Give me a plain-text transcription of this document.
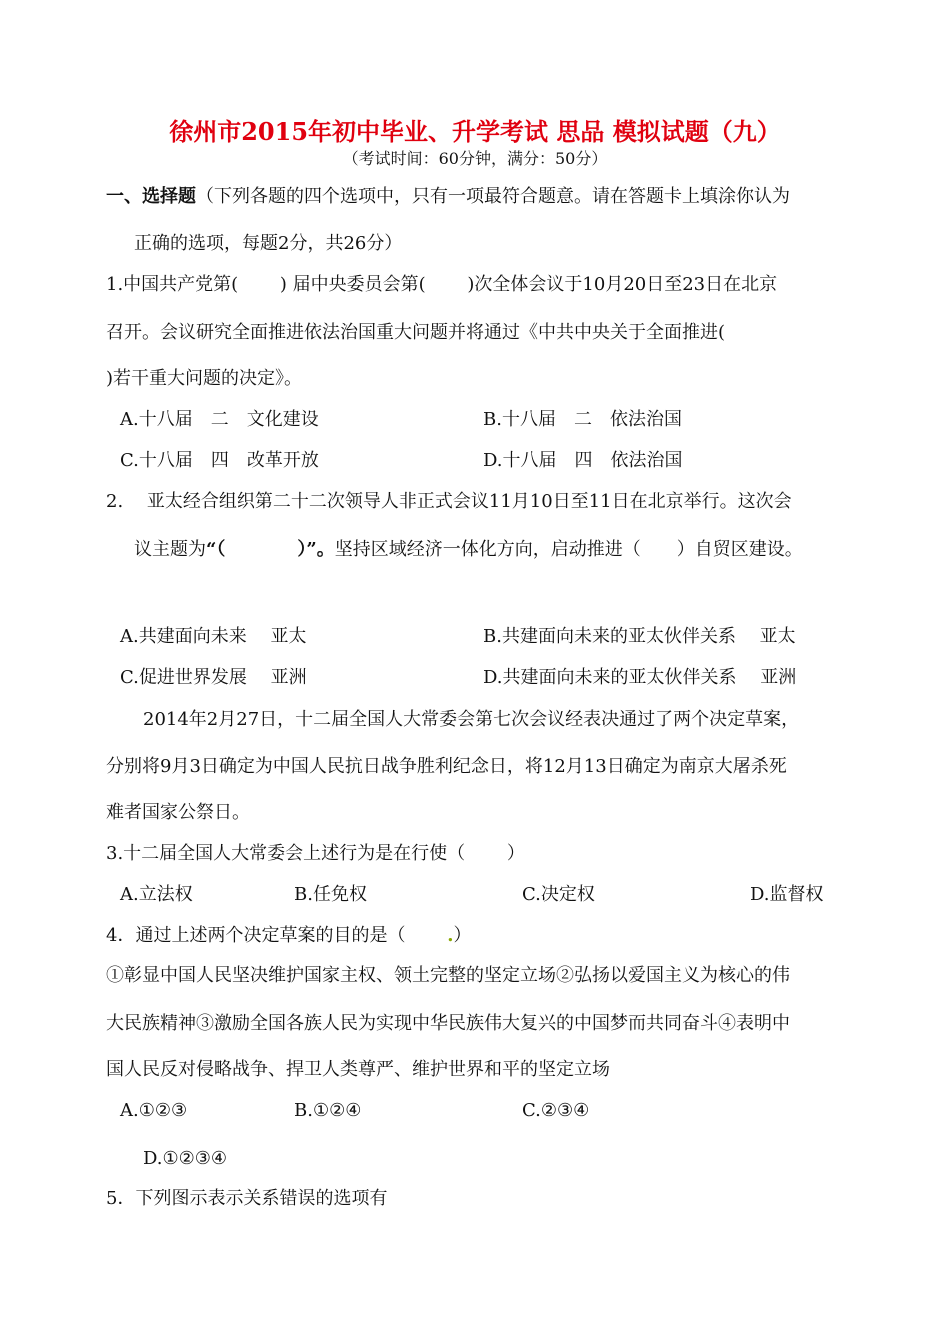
徐州市2015年初中毕业、升学考试 思品 模拟试题（九）
（考试时间：60分钟，满分：50分）
一、选择题（下列各题的四个选项中，只有一项最符合题意。请在答题卡上填涂你认为
正确的选项，每题2分，共26分）
1.中国共产党第(　　 ) 届中央委员会第(　　 )次全体会议于10月20日至23日在北京
召开。会议研究全面推进依法治国重大问题并将通过《中共中央关于全面推进(
)若干重大问题的决定》。
A.十八届　二　文化建设	B.十八届　二　依法治国
C.十八届　四　改革开放	D.十八届　四　依法治国
2.　 亚太经合组织第二十二次领导人非正式会议11月10日至11日在北京举行。这次会
议主题为“（　　　　）”。坚持区域经济一体化方向，启动推进（　　）自贸区建设。
A.共建面向未来　 亚太	B.共建面向未来的亚太伙伴关系　 亚太
C.促进世界发展　 亚洲	D.共建面向未来的亚太伙伴关系　 亚洲
2014年2月27日，十二届全国人大常委会第七次会议经表决通过了两个决定草案，
分别将9月3日确定为中国人民抗日战争胜利纪念日，将12月13日确定为南京大屠杀死
难者国家公祭日。
3.十二届全国人大常委会上述行为是在行使（　　 ）
A.立法权	B.任免权	C.决定权	D.监督权
4．通过上述两个决定草案的目的是（　　 .）
①彰显中国人民坚决维护国家主权、领土完整的坚定立场②弘扬以爱国主义为核心的伟
大民族精神③激励全国各族人民为实现中华民族伟大复兴的中国梦而共同奋斗④表明中
国人民反对侵略战争、捍卫人类尊严、维护世界和平的坚定立场
A.①②③	B.①②④	C.②③④
D.①②③④
5．下列图示表示关系错误的选项有
